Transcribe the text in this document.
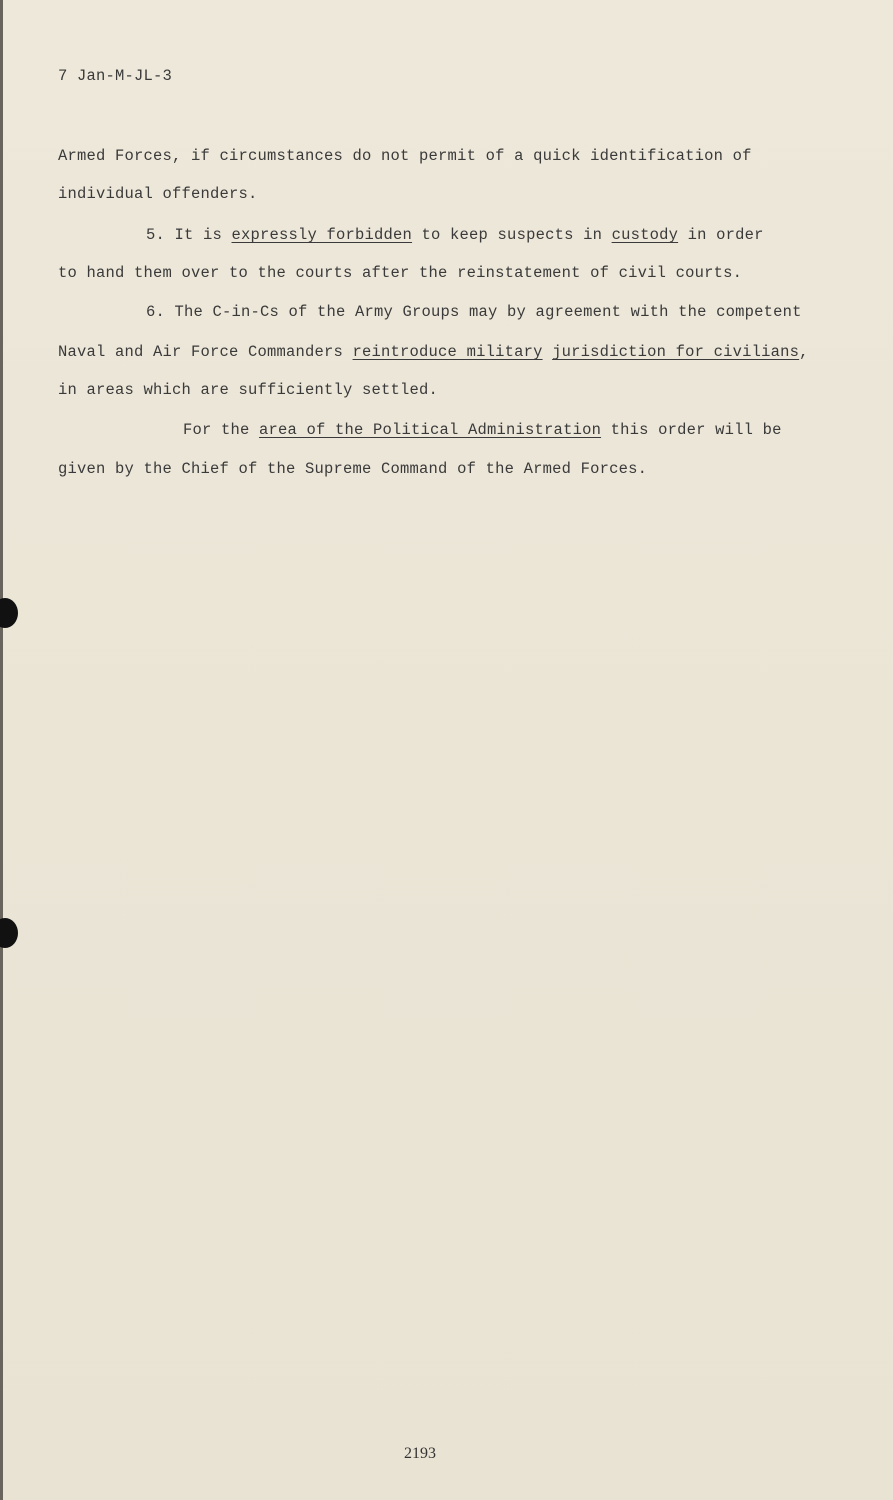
7 Jan-M-JL-3
Armed Forces, if circumstances do not permit of a quick identification of
individual offenders.
5. It is expressly forbidden to keep suspects in custody in order
to hand them over to the courts after the reinstatement of civil courts.
6. The C-in-Cs of the Army Groups may by agreement with the competent
Naval and Air Force Commanders reintroduce military jurisdiction for civilians,
in areas which are sufficiently settled.
For the area of the Political Administration this order will be
given by the Chief of the Supreme Command of the Armed Forces.
2193
